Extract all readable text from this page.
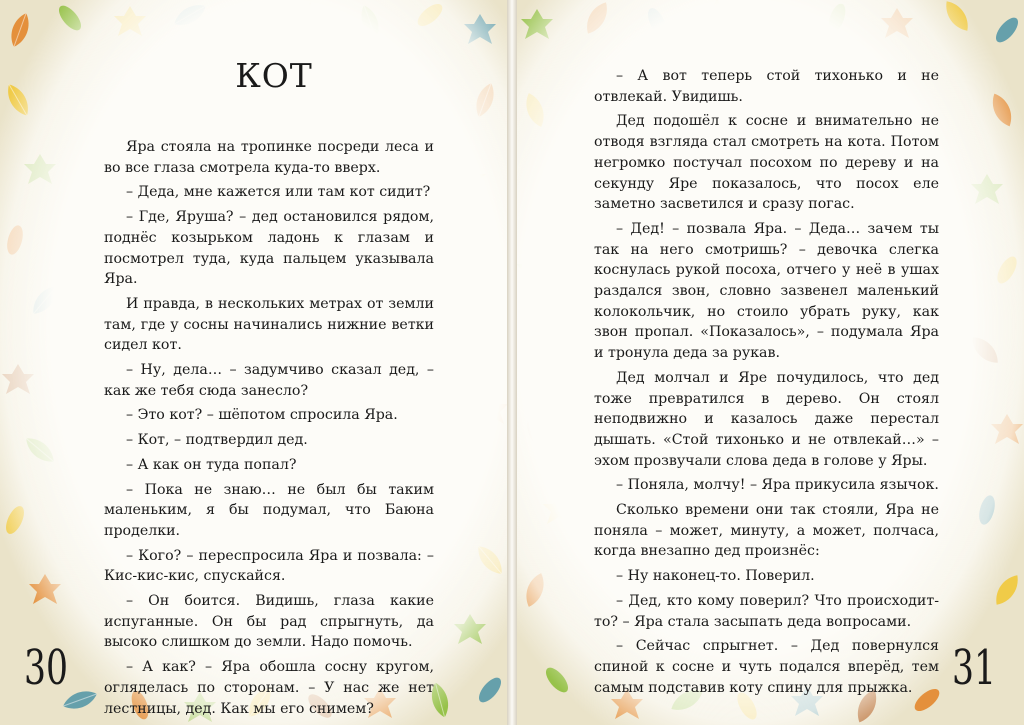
КОТ

Яра стояла на тропинке посреди леса и во все глаза смотрела куда-то вверх.

– Деда, мне кажется или там кот сидит?

– Где, Яруша? – дед остановился рядом, поднёс козырьком ладонь к глазам и посмотрел туда, куда пальцем указывала Яра.

И правда, в нескольких метрах от земли там, где у сосны начинались нижние ветки сидел кот.

– Ну, дела… – задумчиво сказал дед, – как же тебя сюда занесло?

– Это кот? – шёпотом спросила Яра.

– Кот, – подтвердил дед.

– А как он туда попал?

– Пока не знаю… не был бы таким маленьким, я бы подумал, что Баюна проделки.

– Кого? – переспросила Яра и позвала: – Кис-кис-кис, спускайся.

– Он боится. Видишь, глаза какие испуганные. Он бы рад спрыгнуть, да высоко слишком до земли. Надо помочь.

– А как? – Яра обошла сосну кругом, огляделась по сторонам. – У нас же нет лестницы, дед. Как мы его снимем?

30

– А вот теперь стой тихонько и не отвлекай. Увидишь.

Дед подошёл к сосне и внимательно не отводя взгляда стал смотреть на кота. Потом негромко постучал посохом по дереву и на секунду Яре показалось, что посох еле заметно засветился и сразу погас.

– Дед! – позвала Яра. – Деда… зачем ты так на него смотришь? – девочка слегка коснулась рукой посоха, отчего у неё в ушах раздался звон, словно зазвенел маленький колокольчик, но стоило убрать руку, как звон пропал. «Показалось», – подумала Яра и тронула деда за рукав.

Дед молчал и Яре почудилось, что дед тоже превратился в дерево. Он стоял неподвижно и казалось даже перестал дышать. «Стой тихонько и не отвлекай…» – эхом прозвучали слова деда в голове у Яры.

– Поняла, молчу! – Яра прикусила язычок.

Сколько времени они так стояли, Яра не поняла – может, минуту, а может, полчаса, когда внезапно дед произнёс:

– Ну наконец-то. Поверил.

– Дед, кто кому поверил? Что происходит-то? – Яра стала засыпать деда вопросами.

– Сейчас спрыгнет. – Дед повернулся спиной к сосне и чуть подался вперёд, тем самым подставив коту спину для прыжка. 31
